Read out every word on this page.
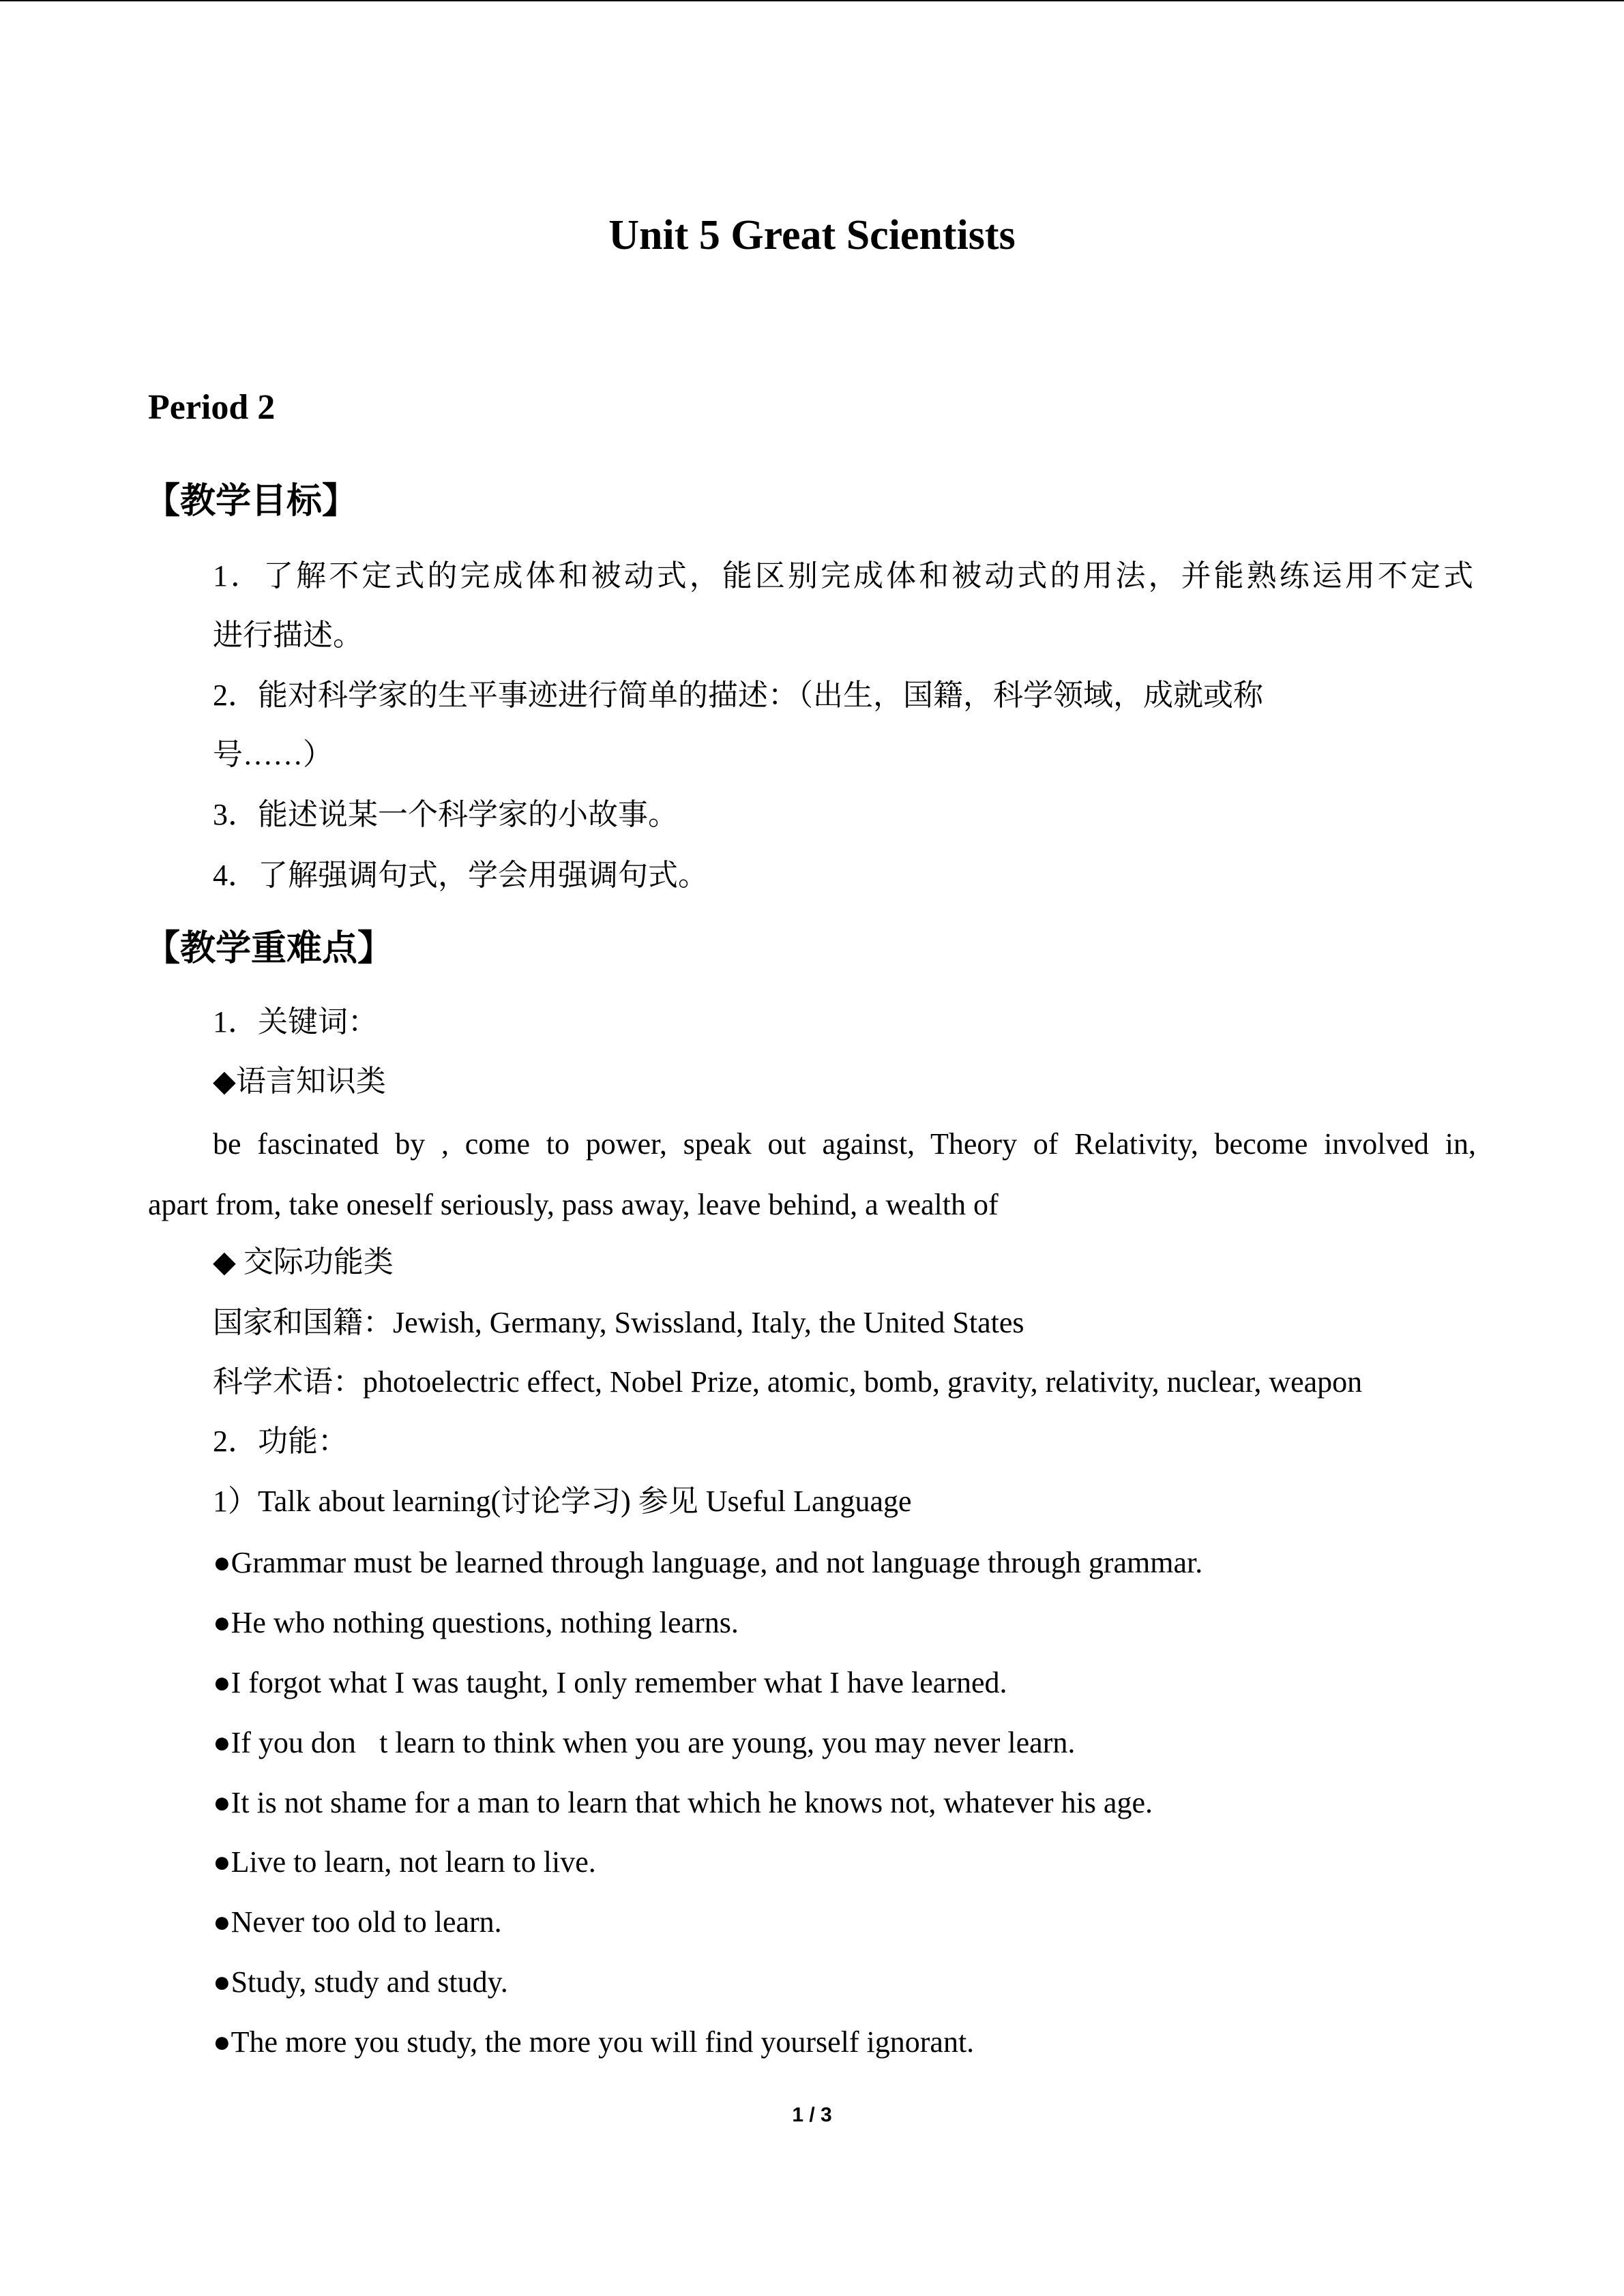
Unit 5 Great Scientists
Period 2
【教学目标】
1．了解不定式的完成体和被动式，能区别完成体和被动式的用法，并能熟练运用不定式
进行描述。
2．能对科学家的生平事迹进行简单的描述：（出生，国籍，科学领域，成就或称
号……）
3．能述说某一个科学家的小故事。
4．了解强调句式，学会用强调句式。
【教学重难点】
1．关键词：
◆语言知识类
be fascinated by , come to power, speak out against, Theory of Relativity, become involved in,
apart from, take oneself seriously, pass away, leave behind, a wealth of
◆ 交际功能类
国家和国籍：Jewish, Germany, Swissland, Italy, the United States
科学术语：photoelectric effect, Nobel Prize, atomic, bomb, gravity, relativity, nuclear, weapon
2．功能：
1）Talk about learning(讨论学习) 参见 Useful Language
●Grammar must be learned through language, and not language through grammar.
●He who nothing questions, nothing learns.
●I forgot what I was taught, I only remember what I have learned.
●If you don t learn to think when you are young, you may never learn.
●It is not shame for a man to learn that which he knows not, whatever his age.
●Live to learn, not learn to live.
●Never too old to learn.
●Study, study and study.
●The more you study, the more you will find yourself ignorant.
1 / 3
